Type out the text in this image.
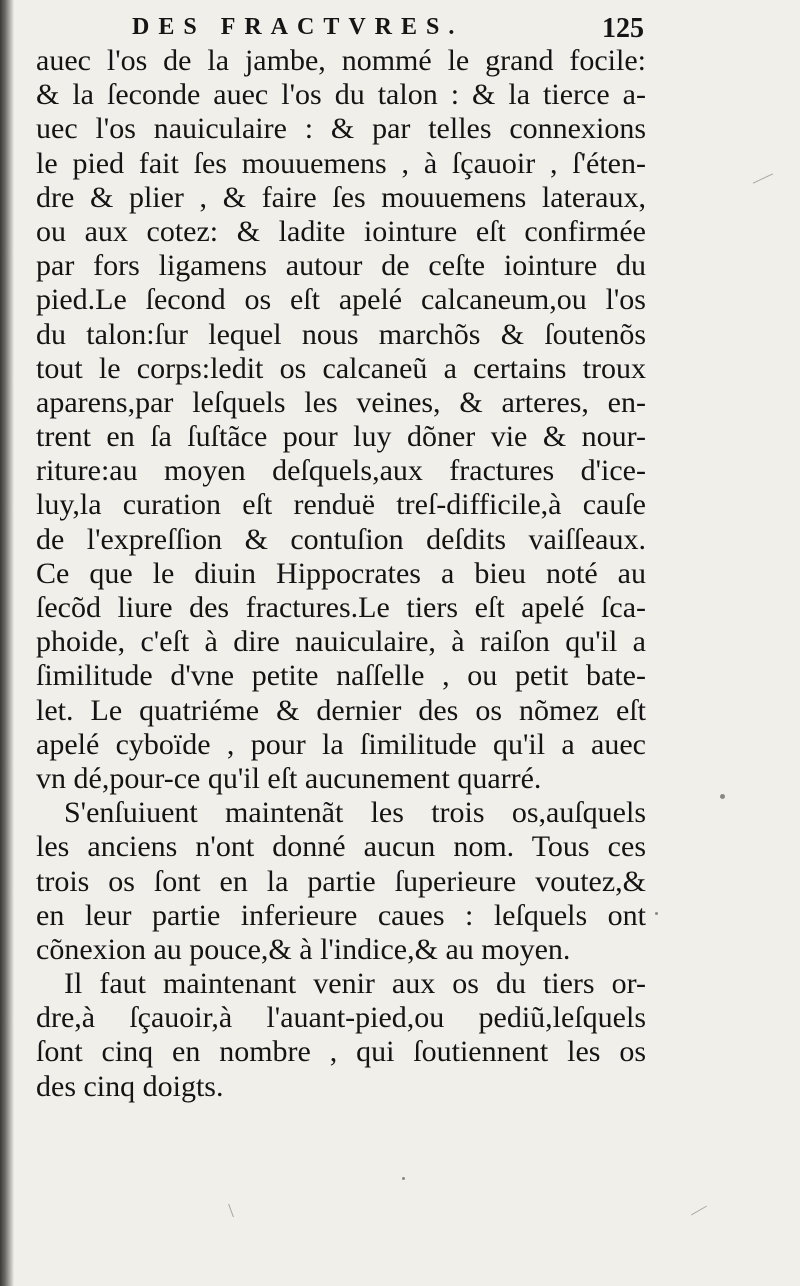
DES FRACTVRES.	125
auec l'os de la jambe, nommé le grand focile:
& la ſeconde auec l'os du talon : & la tierce a-
uec l'os nauiculaire : & par telles connexions
le pied fait ſes mouuemens , à ſçauoir , ſ'éten-
dre & plier , & faire ſes mouuemens lateraux,
ou aux cotez: & ladite iointure eſt confirmée
par fors ligamens autour de ceſte iointure du
pied.Le ſecond os eſt apelé calcaneum,ou l'os
du talon:ſur lequel nous marchõs & ſoutenõs
tout le corps:ledit os calcaneũ a certains troux
aparens,par leſquels les veines, & arteres, en-
trent en ſa ſuſtãce pour luy dõner vie & nour-
riture:au moyen deſquels,aux fractures d'ice-
luy,la curation eſt renduë treſ-difficile,à cauſe
de l'expreſſion & contuſion deſdits vaiſſeaux.
Ce que le diuin Hippocrates a bieu noté au
ſecõd liure des fractures.Le tiers eſt apelé ſca-
phoide, c'eſt à dire nauiculaire, à raiſon qu'il a
ſimilitude d'vne petite naſſelle , ou petit bate-
let. Le quatriéme & dernier des os nõmez eſt
apelé cyboïde , pour la ſimilitude qu'il a auec
vn dé,pour-ce qu'il eſt aucunement quarré.
S'enſuiuent maintenãt les trois os,auſquels
les anciens n'ont donné aucun nom. Tous ces
trois os ſont en la partie ſuperieure voutez,&
en leur partie inferieure caues : leſquels ont
cõnexion au pouce,& à l'indice,& au moyen.
Il faut maintenant venir aux os du tiers or-
dre,à ſçauoir,à l'auant-pied,ou pediũ,leſquels
ſont cinq en nombre , qui ſoutiennent les os
des cinq doigts.
